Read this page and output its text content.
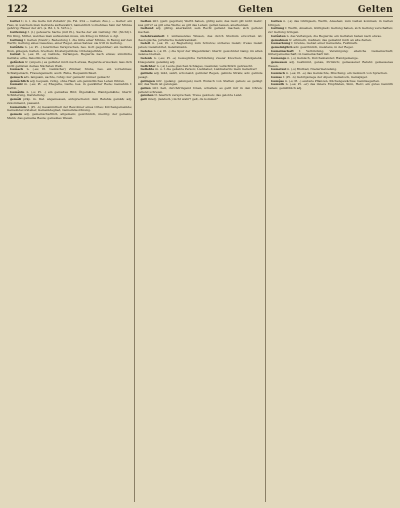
122	Geltei	Gelten	Gelten

Geltei f.; n. l. die Gelte mit Zubehör (m. Fsl. 254 — Gelten; Zus.). — Gelter: ein Fass, in welchem man Getreide aufbewahrt, namentlich vornehmes Salz der Münze gehörig; Fässer der Art, (s. Bd. I, S. 523 u.).

Gelferung f. (l.) gefeuerte Sache (mit Pl.), Sache der ein Geltung: für. (Nicht)1. Ein Ding, Mittel, welches man aufwenden muss, um Krieg zu führen u. dgl.

Geltung f. Gelten (Neutr.). Bedeutung 1. die Güte einer Münze, in Bezug auf den Werth; Geltung eines Gesetzes, einer Regel, eines Satzes: sie tritt in Geltung.

Gelübde n. (-s; Pl. -) feierliches Versprechen, bes. Gott gegenüber; ein Gelübde thun, ablegen, halten, brechen; Klostergelübde; Ordensgelübde.

Gelüst n. (-es; Pl. -e) Gelüste, Verlangen, Begierde nach etwas; sündliche Gelüste; eitle, fleischliche Gelüste.

gelüsten tr. (unpers.) es gelüstet mich nach etwas, Begierde erwecken; lass dich nicht gelüsten deines Nächsten Weib.

Gemach n. (-es; Pl. Gemächer) Zimmer, Stube, bes. ein vornehmes; Schlafgemach, Frauengemach; auch: Ruhe, Bequemlichkeit.

gemach adv. langsam, sachte, ruhig; nur gemach! immer gemach!

gemächlich adj. bequem, ruhig, ohne Hast; ein gemächliches Leben führen.

Gemahl m. (-es; Pl. -e) Ehegatte, Gatte, bes. in gewählter Rede; Gemahlin f. Gattin.

Gemälde n. (-s; Pl. -) ein gemaltes Bild; Ölgemälde, Wandgemälde; übertr. Schilderung, Darstellung.

gemäß präp. m. Dat. angemessen, entsprechend; dem Befehle gemäß; adj. zukommend, passend.

Gemeinde f. (Pl. -n) Gesammtheit der Bewohner eines Ortes; Kirchengemeinde; Gemeindevorsteher, Gemeindeglied, Gemeindeordnung.

gemein adj. gemeinschaftlich, allgemein; gewöhnlich, niedrig; der gemeine Mann; das gemeine Beste; gemeines Wesen.

Gelten intr. (galt; gegolten) Werth haben, gültig sein; das Geld gilt nicht mehr; was gilt's? es gilt eine Wette; es gilt das Leben; gelten lassen, anerkennen.

Geltend adj. gültig, anerkannt; sein Recht geltend machen; sich geltend machen.

Gelehrsamkeit f. umfassendes Wissen, das durch Studium erworben ist; theologische, juristische Gelehrsamkeit.

Geleit n. (-es; Pl. -e) Begleitung zum Schutze; sicheres Geleit; freies Geleit geben; Geleitsbrief, Geleitsmann.

Geleise n. (-s; Pl. -) die Spur der Wagenräder; übertr. gewohnter Gang; im alten Geleise bleiben.

Gelenk n. (-es; Pl. -e) bewegliche Verbindung zweier Knochen; Handgelenk, Kniegelenk; gelenkig adj.

Gelichter n. (-s) Leute gleichen Schlages, Gesindel; verächtlich gebraucht.

Geliebte m. u. f. die geliebte Person; Liebhaber, Liebhaberin; mein Geliebter!

gelinde adj. mild, sanft, schonend; gelinder Regen, gelinde Strafe; adv. gelinde gesagt.

gelingen intr. (gelang; gelungen) nach Wunsch von Statten gehen; es gelingt mir, das Werk ist gelungen.

gellen intr. hell, durchdringend tönen, schallen; es gellt mir in den Ohren; gellend schreien.

geloben tr. feierlich versprechen; Treue geloben; das gelobte Land.

gelt interj. (landsch.) nicht wahr? gelt, du kommst?

Gelten n. (-s) das Gültigsein, Werth, Ansehen; zum Gelten kommen; in Gelten bringen.

Geltung f. Werth, Ansehen, Gültigkeit; Geltung haben, sich Geltung verschaffen; zur Geltung bringen.

Gelüsten n. das Verlangen, die Begierde; ein Gelüsten haben nach etwas.

gemahnen tr. erinnern, mahnen; das gemahnt mich an alte Zeiten.

Gemarkung f. Grenze, Gebiet einer Gemeinde, Feldmark.

gemeiniglich adv. gewöhnlich, meistens, in der Regel.

Gemeinschaft f. Verbindung, Vereinigung; eheliche Gemeinschaft; Gütergemeinschaft; in Gemeinschaft mit.

Gemenge n. (-s) Gemisch, Durcheinander; Handgemenge.

gemessen adj. bestimmt, genau, förmlich; gemessener Befehl; gemessenes Wesen.

Gemetzel n. (-s) Blutbad, Niedermetzelung.

Gemisch n. (-es; Pl. -e) das Gemischte, Mischung; ein Gemisch von Sprachen.

Gemse f. (Pl. -n) Gebirgsziege der Alpen; Gemsbock, Gemsjäger.

Gemüse n. (-s; Pl. -) essbare Pflanzen, Küchengewächse; Gemüsegarten.

Gemüth n. (-es; Pl. -er) das innere Empfinden, Sinn, Herz; ein gutes Gemüth haben; gemüthlich adj.
